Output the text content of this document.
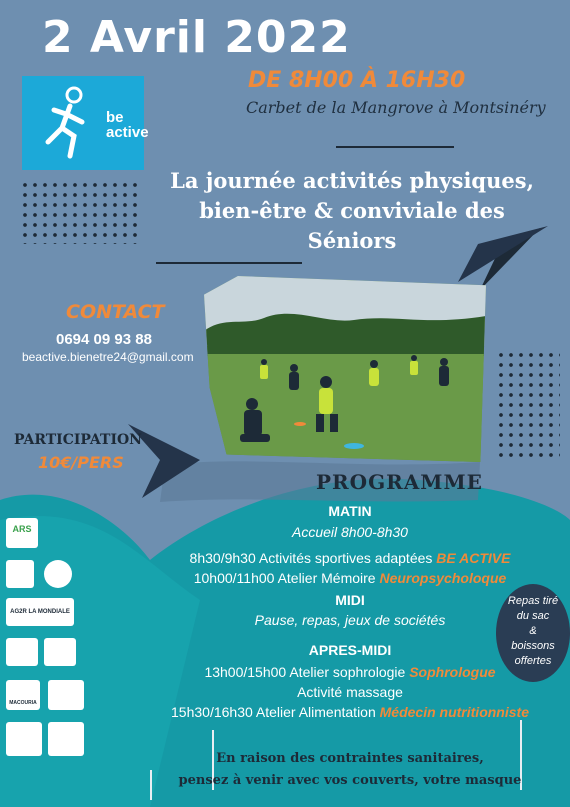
2 Avril 2022
DE 8H00 À 16H30
Carbet de la Mangrove à Montsinéry
be
active
La journée activités physiques,
bien-être & conviviale des Séniors
CONTACT
0694 09 93 88
beactive.bienetre24@gmail.com
PARTICIPATION
10€/PERS
PROGRAMME
MATIN
Accueil 8h00-8h30
8h30/9h30 Activités sportives adaptées BE ACTIVE
10h00/11h00 Atelier Mémoire Neuropsycholoque
MIDI
Pause, repas, jeux de sociétés
APRES-MIDI
13h00/15h00 Atelier sophrologie Sophrologue
Activité massage
15h30/16h30 Atelier Alimentation Médecin nutritionniste
Repas tiré
du sac
&
boissons
offertes
ARS
AG2R LA MONDIALE
MACOURIA
En raison des contraintes sanitaires,
pensez à venir avec vos couverts, votre masque
